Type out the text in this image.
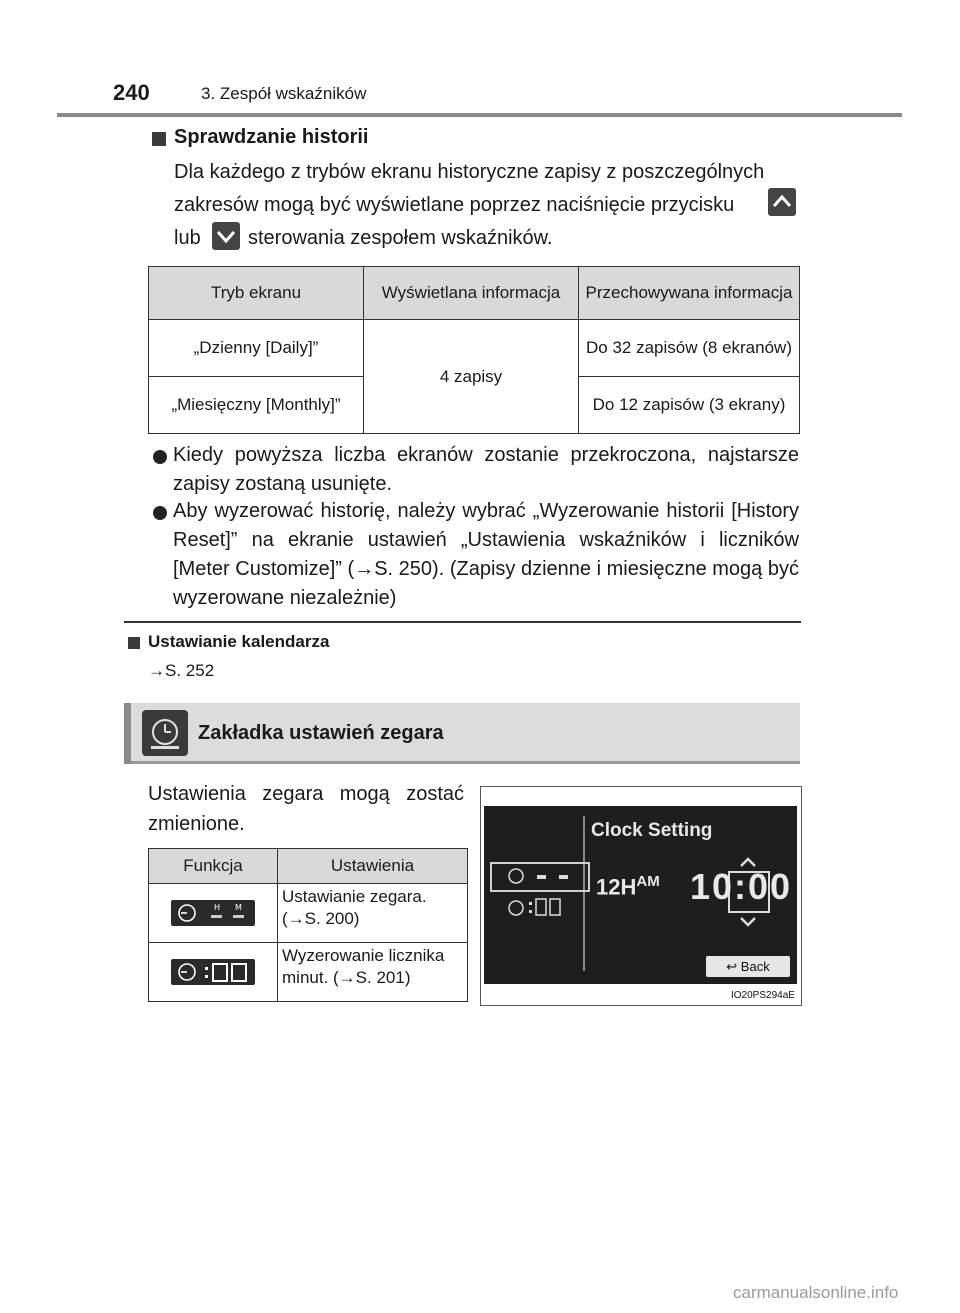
240	3. Zespół wskaźników
Sprawdzanie historii
Dla każdego z trybów ekranu historyczne zapisy z poszczególnych
zakresów mogą być wyświetlane poprzez naciśnięcie przycisku
lub sterowania zespołem wskaźników.
Tryb ekranu	Wyświetlana informacja	Przechowywana informacja
„Dzienny [Daily]”	4 zapisy	Do 32 zapisów (8 ekranów)
„Miesięczny [Monthly]”		Do 12 zapisów (3 ekrany)
Kiedy powyższa liczba ekranów zostanie przekroczona, najstarsze zapisy zostaną usunięte.
Aby wyzerować historię, należy wybrać „Wyzerowanie historii [History Reset]” na ekranie ustawień „Ustawienia wskaźników i liczników [Meter Customize]” (→S. 250). (Zapisy dzienne i miesięczne mogą być wyzerowane niezależnie)
Ustawianie kalendarza
→S. 252
Zakładka ustawień zegara
Ustawienia zegara mogą zostać zmienione.
Funkcja	Ustawienia

H M	Ustawianie zegara. (→S. 200)
	Wyzerowanie licznika minut. (→S. 201)
Clock Setting
$12H^{AM}$ 10:00
↩ Back
IO20PS294aE
carmanualsonline.info
